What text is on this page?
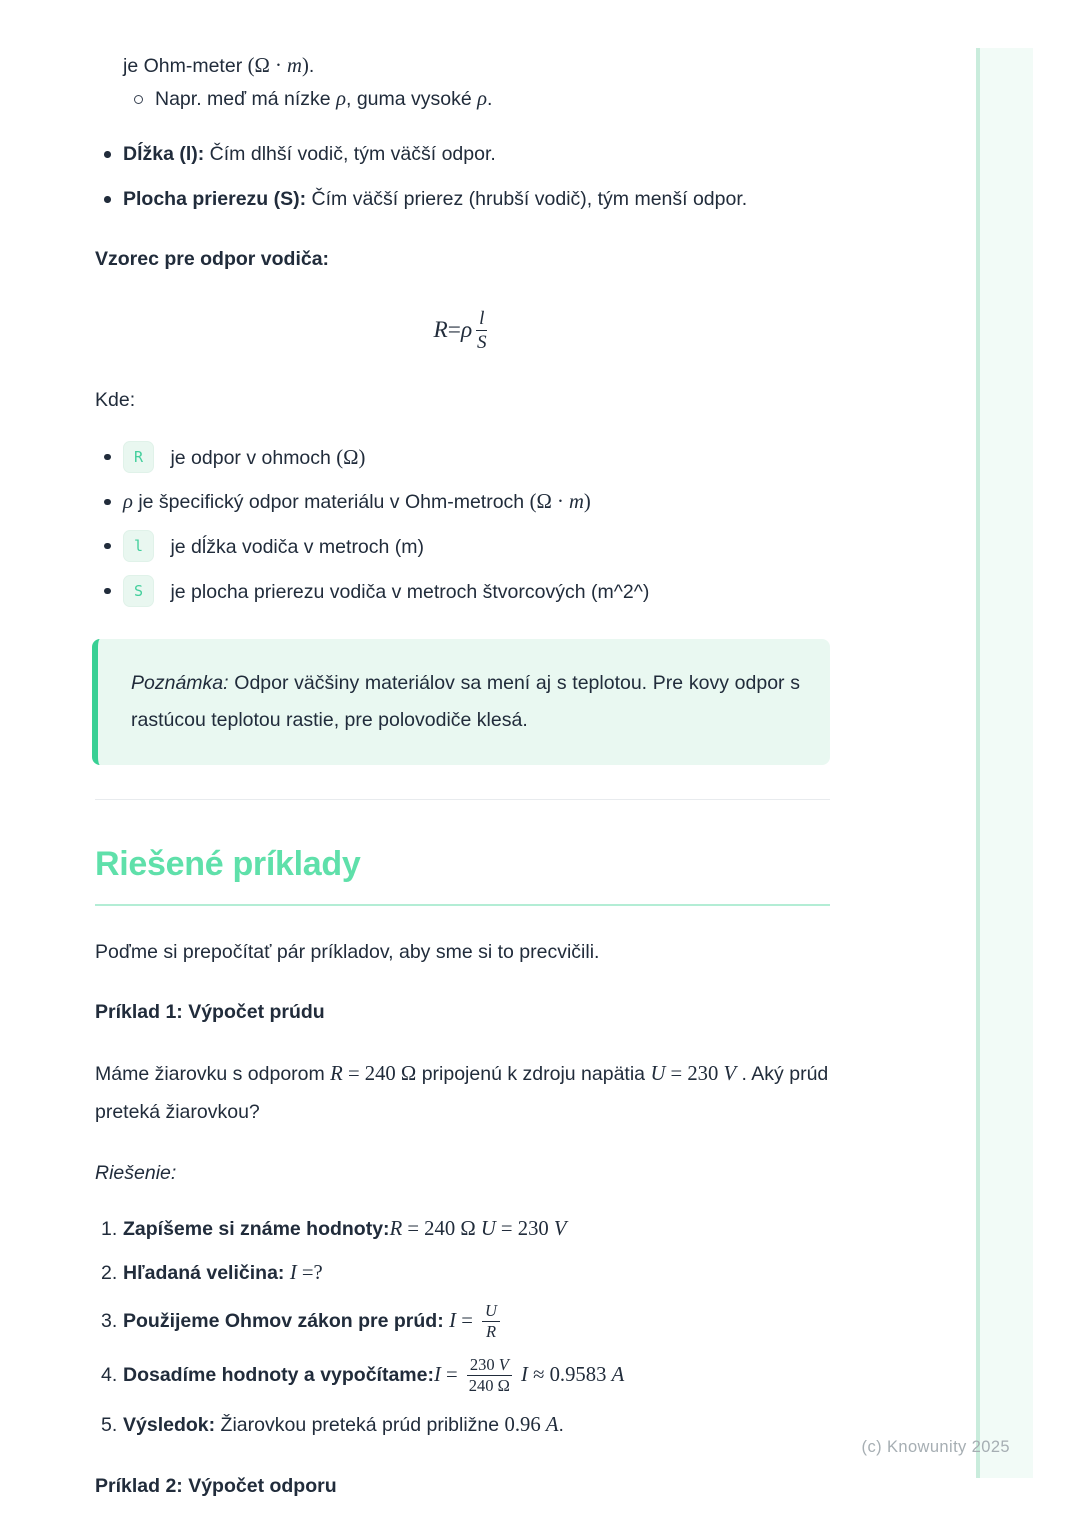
je Ohm-meter (Ω · m).

Napr. meď má nízke ρ, guma vysoké ρ.
Dĺžka (l): Čím dlhší vodič, tým väčší odpor.
Plocha prierezu (S): Čím väčší prierez (hrubší vodič), tým menší odpor.

Vzorec pre odpor vodiča:

R = ρ $\frac{l}{S}$

Kde:

R je odpor v ohmoch (Ω)
ρ je špecifický odpor materiálu v Ohm-metroch (Ω · m)
l je dĺžka vodiča v metroch (m)
S je plocha prierezu vodiča v metroch štvorcových (m^2^)
Poznámka: Odpor väčšiny materiálov sa mení aj s teplotou. Pre kovy odpor s rastúcou teplotou rastie, pre polovodiče klesá.
Riešené príklady

Poďme si prepočítať pár príkladov, aby sme si to precvičili.

Príklad 1: Výpočet prúdu

Máme žiarovku s odporom R = 240 Ω pripojenú k zdroju napätia U = 230 V . Aký prúd preteká žiarovkou?

Riešenie:

1. Zapíšeme si známe hodnoty:R = 240 Ω U = 230 V
2. Hľadaná veličina: I =?
3. Použijeme Ohmov zákon pre prúd: $I = \frac{U}{R}$
4. Dosadíme hodnoty a vypočítame:I = $\frac{230 V}{240 \Omega}$ I ≈ 0.9583 A
5. Výsledok: Žiarovkou preteká prúd približne 0.96 A.

Príklad 2: Výpočet odporu

(c) Knowunity 2025
